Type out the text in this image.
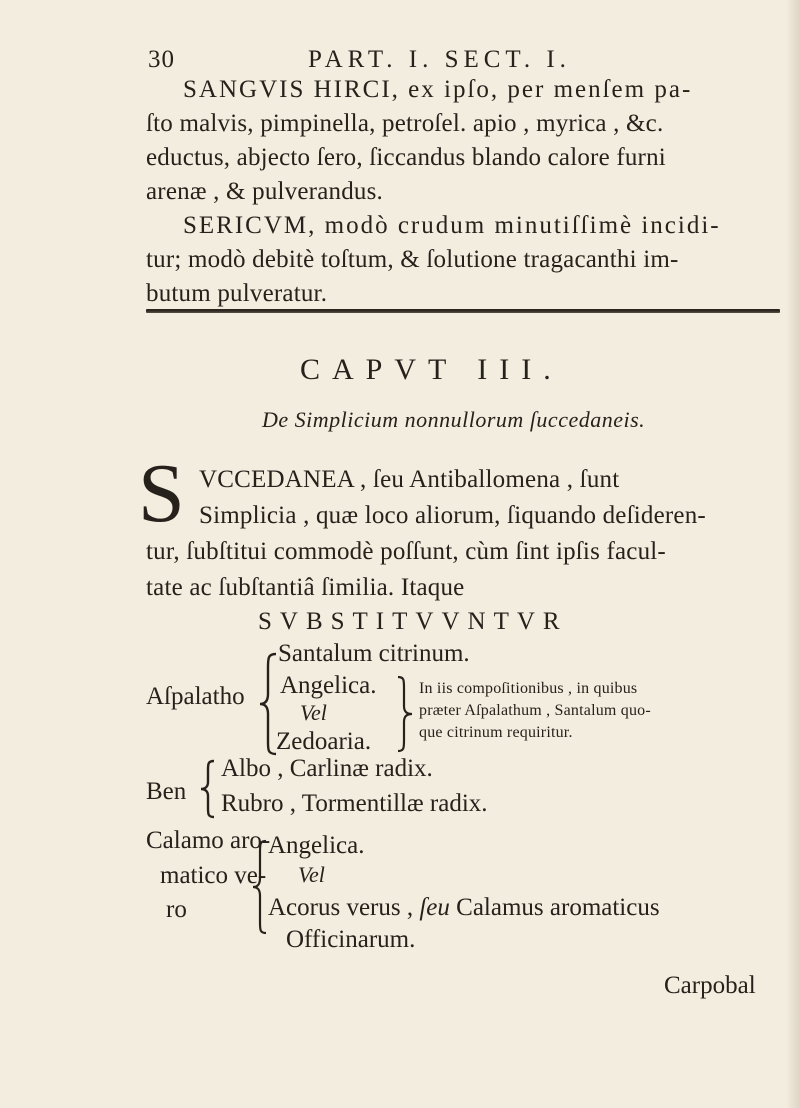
30	PART. I. SECT. I.
SANGVIS HIRCI, ex ipſo, per menſem pa-
ſto malvis, pimpinella, petroſel. apio , myrica , &c.
eductus, abjecto ſero, ſiccandus blando calore furni
arenæ , & pulverandus.
SERICVM, modò crudum minutiſſimè incidi-
tur; modò debitè toſtum, & ſolutione tragacanthi im-
CAPVT III.
De Simplicium nonnullorum ſuccedaneis.
S VCCEDANEA , ſeu Antiballomena , ſunt
Simplicia , quæ loco aliorum, ſiquando deſideren-
tur, ſubſtitui commodè poſſunt, cùm ſint ipſis facul-
tate ac ſubſtantiâ ſimilia. Itaque
SVBSTITVVNTVR
Aſpalatho
Santalum citrinum.
Angelica.
Vel
Zedoaria.
In iis compoſitionibus , in quibus
præter Aſpalathum , Santalum quo-
que citrinum requiritur.
Ben
Albo , Carlinæ radix.
Rubro , Tormentillæ radix.
Calamo aro-
matico ve-
ro
Angelica.
Vel
Acorus verus , ſeu Calamus aromaticus
Officinarum.
Carpobal
butum pulveratur.
